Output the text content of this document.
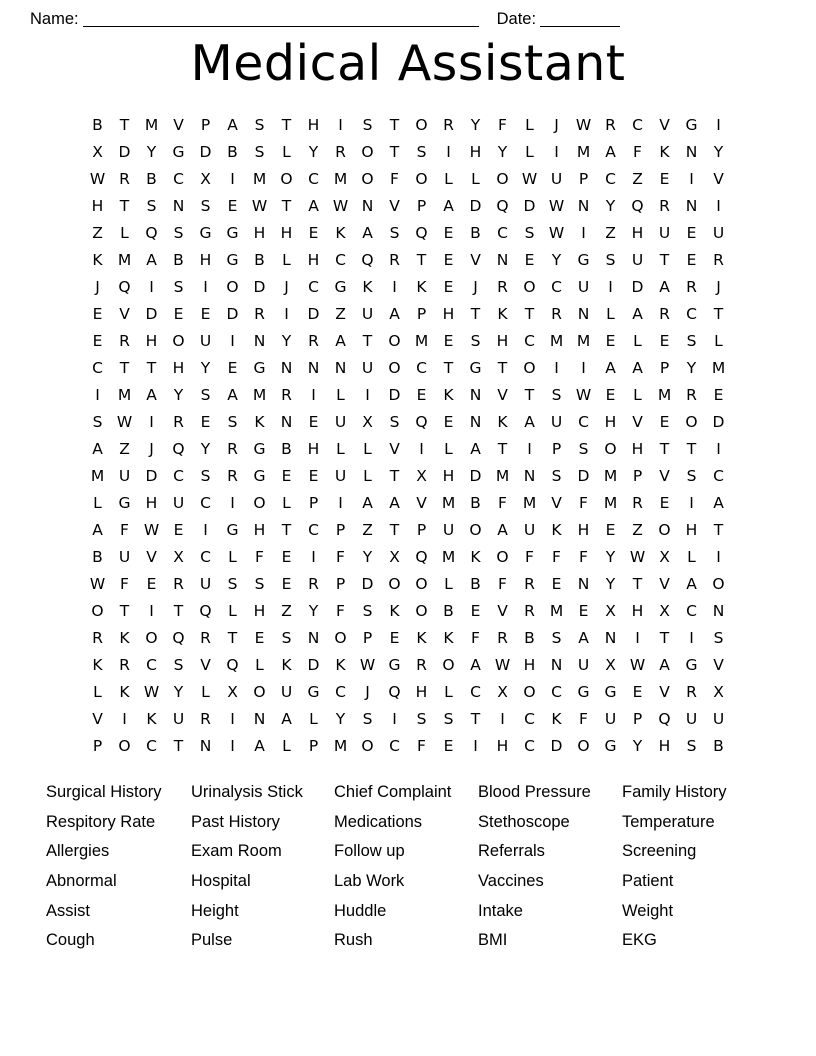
Name:	Date:
Medical Assistant
B	T	M	V	P	A	S	T	H	I	S	T	O	R	Y	F	L	J	W	R	C	V	G	I
X	D	Y	G	D	B	S	L	Y	R	O	T	S	I	H	Y	L	I	M	A	F	K	N	Y
W	R	B	C	X	I	M	O	C	M	O	F	O	L	L	O	W	U	P	C	Z	E	I	V
H	T	S	N	S	E	W	T	A	W	N	V	P	A	D	Q	D	W	N	Y	Q	R	N	I
Z	L	Q	S	G	G	H	H	E	K	A	S	Q	E	B	C	S	W	I	Z	H	U	E	U
K	M	A	B	H	G	B	L	H	C	Q	R	T	E	V	N	E	Y	G	S	U	T	E	R
J	Q	I	S	I	O	D	J	C	G	K	I	K	E	J	R	O	C	U	I	D	A	R	J
E	V	D	E	E	D	R	I	D	Z	U	A	P	H	T	K	T	R	N	L	A	R	C	T
E	R	H	O	U	I	N	Y	R	A	T	O	M	E	S	H	C	M	M	E	L	E	S	L
C	T	T	H	Y	E	G	N	N	N	U	O	C	T	G	T	O	I	I	A	A	P	Y	M
I	M	A	Y	S	A	M	R	I	L	I	D	E	K	N	V	T	S	W	E	L	M	R	E
S	W	I	R	E	S	K	N	E	U	X	S	Q	E	N	K	A	U	C	H	V	E	O	D
A	Z	J	Q	Y	R	G	B	H	L	L	V	I	L	A	T	I	P	S	O	H	T	T	I
M	U	D	C	S	R	G	E	E	U	L	T	X	H	D	M	N	S	D	M	P	V	S	C
L	G	H	U	C	I	O	L	P	I	A	A	V	M	B	F	M	V	F	M	R	E	I	A
A	F	W	E	I	G	H	T	C	P	Z	T	P	U	O	A	U	K	H	E	Z	O	H	T
B	U	V	X	C	L	F	E	I	F	Y	X	Q	M	K	O	F	F	F	Y	W	X	L	I
W	F	E	R	U	S	S	E	R	P	D	O	O	L	B	F	R	E	N	Y	T	V	A	O
O	T	I	T	Q	L	H	Z	Y	F	S	K	O	B	E	V	R	M	E	X	H	X	C	N
R	K	O	Q	R	T	E	S	N	O	P	E	K	K	F	R	B	S	A	N	I	T	I	S
K	R	C	S	V	Q	L	K	D	K	W	G	R	O	A	W	H	N	U	X	W	A	G	V
L	K	W	Y	L	X	O	U	G	C	J	Q	H	L	C	X	O	C	G	G	E	V	R	X
V	I	K	U	R	I	N	A	L	Y	S	I	S	S	T	I	C	K	F	U	P	Q	U	U
P	O	C	T	N	I	A	L	P	M	O	C	F	E	I	H	C	D	O	G	Y	H	S	B
Surgical History	Urinalysis Stick	Chief Complaint	Blood Pressure	Family History
Respitory Rate	Past History	Medications	Stethoscope	Temperature
Allergies	Exam Room	Follow up	Referrals	Screening
Abnormal	Hospital	Lab Work	Vaccines	Patient
Assist	Height	Huddle	Intake	Weight
Cough	Pulse	Rush	BMI	EKG
